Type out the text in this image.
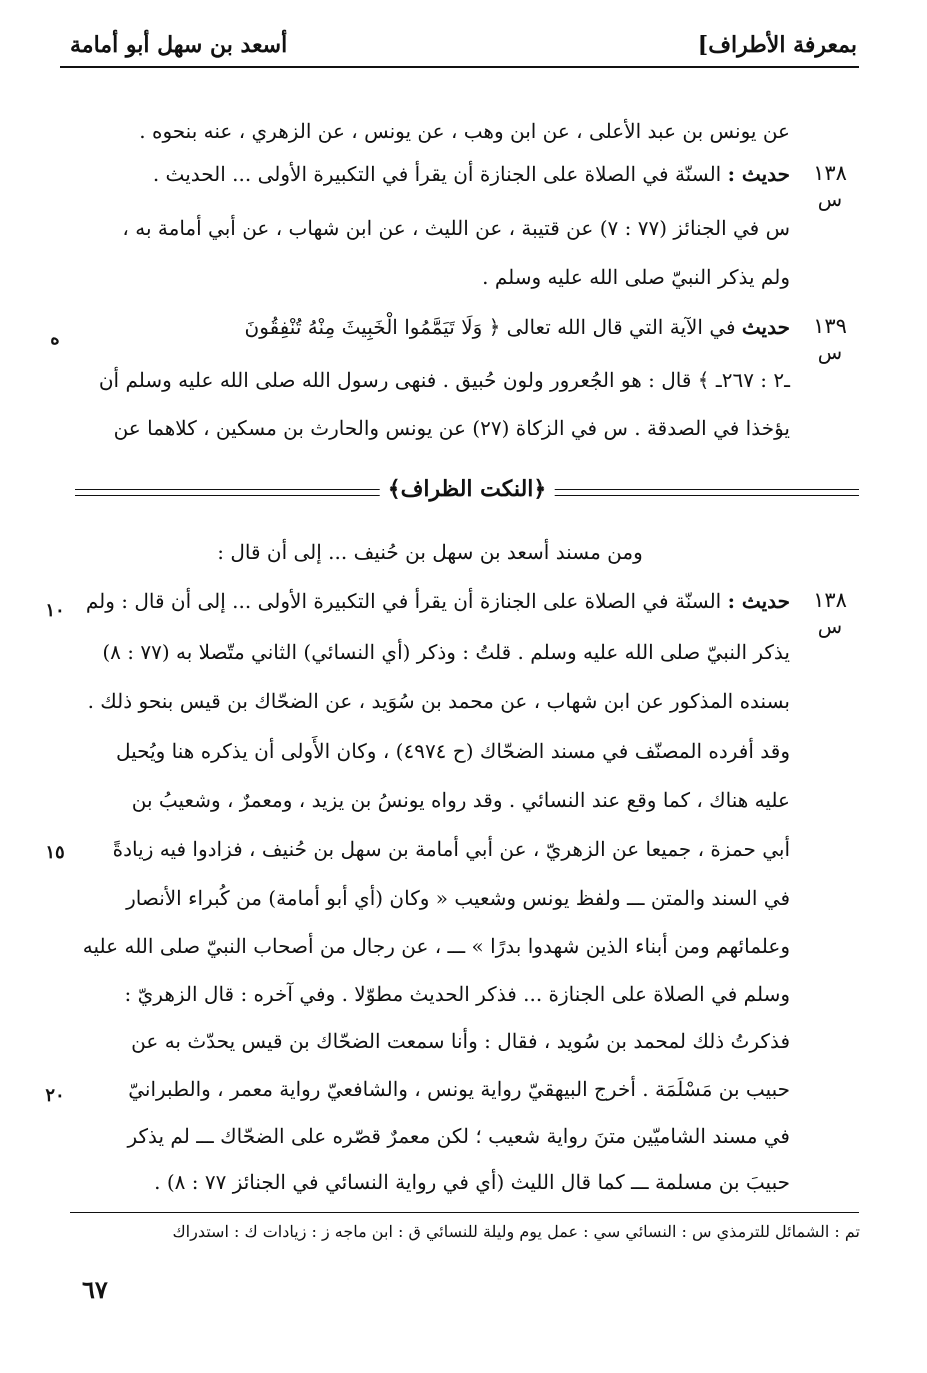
أسعد بن سهل أبو أمامة	بمعرفة الأطراف]
عن يونس بن عبد الأعلى ، عن ابن وهب ، عن يونس ، عن الزهري ، عنه بنحوه .
١٣٨
س
حديث : السنّة في الصلاة على الجنازة أن يقرأ في التكبيرة الأولى ... الحديث .
س في الجنائز (٧٧ : ٧) عن قتيبة ، عن الليث ، عن ابن شهاب ، عن أبي أمامة به ،
ولم يذكر النبيّ صلى الله عليه وسلم .
١٣٩
س
ه	حديث في الآية التي قال الله تعالى ﴿ وَلَا تَيَمَّمُوا الْخَبِيثَ مِنْهُ تُنْفِقُونَ
ـ٢ : ٢٦٧ـ ﴾ قال : هو الجُعرور ولون حُبيق . فنهى رسول الله صلى الله عليه وسلم أن
يؤخذا في الصدقة . س في الزكاة (٢٧) عن يونس والحارث بن مسكين ، كلاهما عن
﴿النكت الظراف﴾
ومن مسند أسعد بن سهل بن حُنيف ... إلى أن قال :
١٣٨
س
حديث : السنّة في الصلاة على الجنازة أن يقرأ في التكبيرة الأولى ... إلى أن قال : ولم
يذكر النبيّ صلى الله عليه وسلم . قلتُ : وذكر (أي النسائي) الثاني متّصلا به (٧٧ : ٨)
بسنده المذكور عن ابن شهاب ، عن محمد بن سُوَيد ، عن الضحّاك بن قيس بنحو ذلك .
وقد أفرده المصنّف في مسند الضحّاك (ح ٤٩٧٤) ، وكان الأَولى أن يذكره هنا ويُحيل
عليه هناك ، كما وقع عند النسائي . وقد رواه يونسُ بن يزيد ، ومعمرٌ ، وشعيبُ بن
أبي حمزة ، جميعا عن الزهريّ ، عن أبي أمامة بن سهل بن حُنيف ، فزادوا فيه زيادةً
في السند والمتن ـــ ولفظ يونس وشعيب « وكان (أي أبو أمامة) من كُبراء الأنصار
وعلمائهم ومن أبناء الذين شهدوا بدرًا » ـــ ، عن رجال من أصحاب النبيّ صلى الله عليه
وسلم في الصلاة على الجنازة ... فذكر الحديث مطوّلا . وفي آخره : قال الزهريّ :
فذكرتُ ذلك لمحمد بن سُويد ، فقال : وأنا سمعت الضحّاك بن قيس يحدّث به عن
حبيب بن مَسْلَمَة . أخرج البيهقيّ رواية يونس ، والشافعيّ رواية معمر ، والطبرانيّ
في مسند الشاميّين متنَ رواية شعيب ؛ لكن معمرٌ قصّره على الضحّاك ـــ لم يذكر
حبيبَ بن مسلمة ـــ كما قال الليث (أي في رواية النسائي في الجنائز ٧٧ : ٨) .
١٠
١٥
٢٠
تم : الشمائل للترمذي س : النسائي سي : عمل يوم وليلة للنسائي ق : ابن ماجه ز : زيادات ك : استدراك
٦٧
